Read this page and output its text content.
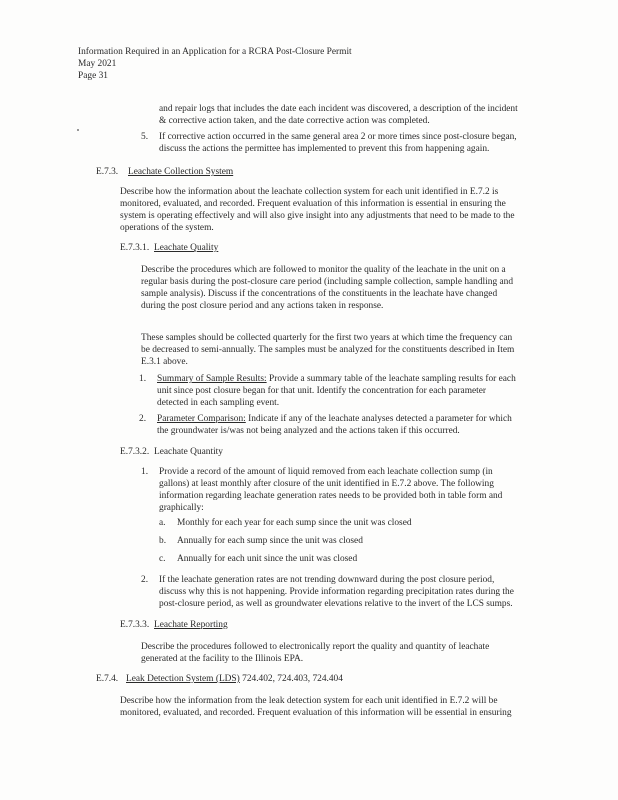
Information Required in an Application for a RCRA Post-Closure Permit
May 2021
Page 31
and repair logs that includes the date each incident was discovered, a description of the incident
& corrective action taken, and the date corrective action was completed.
5. If corrective action occurred in the same general area 2 or more times since post-closure began,
discuss the actions the permittee has implemented to prevent this from happening again.
E.7.3. Leachate Collection System
Describe how the information about the leachate collection system for each unit identified in E.7.2 is
monitored, evaluated, and recorded. Frequent evaluation of this information is essential in ensuring the
system is operating effectively and will also give insight into any adjustments that need to be made to the
operations of the system.
E.7.3.1. Leachate Quality
Describe the procedures which are followed to monitor the quality of the leachate in the unit on a
regular basis during the post-closure care period (including sample collection, sample handling and
sample analysis). Discuss if the concentrations of the constituents in the leachate have changed
during the post closure period and any actions taken in response.
These samples should be collected quarterly for the first two years at which time the frequency can
be decreased to semi-annually. The samples must be analyzed for the constituents described in Item
E.3.1 above.
1. Summary of Sample Results: Provide a summary table of the leachate sampling results for each
unit since post closure began for that unit. Identify the concentration for each parameter
detected in each sampling event.
2. Parameter Comparison: Indicate if any of the leachate analyses detected a parameter for which
the groundwater is/was not being analyzed and the actions taken if this occurred.
E.7.3.2. Leachate Quantity
1. Provide a record of the amount of liquid removed from each leachate collection sump (in
gallons) at least monthly after closure of the unit identified in E.7.2 above. The following
information regarding leachate generation rates needs to be provided both in table form and
graphically:
a. Monthly for each year for each sump since the unit was closed
b. Annually for each sump since the unit was closed
c. Annually for each unit since the unit was closed
2. If the leachate generation rates are not trending downward during the post closure period,
discuss why this is not happening. Provide information regarding precipitation rates during the
post-closure period, as well as groundwater elevations relative to the invert of the LCS sumps.
E.7.3.3. Leachate Reporting
Describe the procedures followed to electronically report the quality and quantity of leachate
generated at the facility to the Illinois EPA.
E.7.4. Leak Detection System (LDS) 724.402, 724.403, 724.404
Describe how the information from the leak detection system for each unit identified in E.7.2 will be
monitored, evaluated, and recorded. Frequent evaluation of this information will be essential in ensuring
